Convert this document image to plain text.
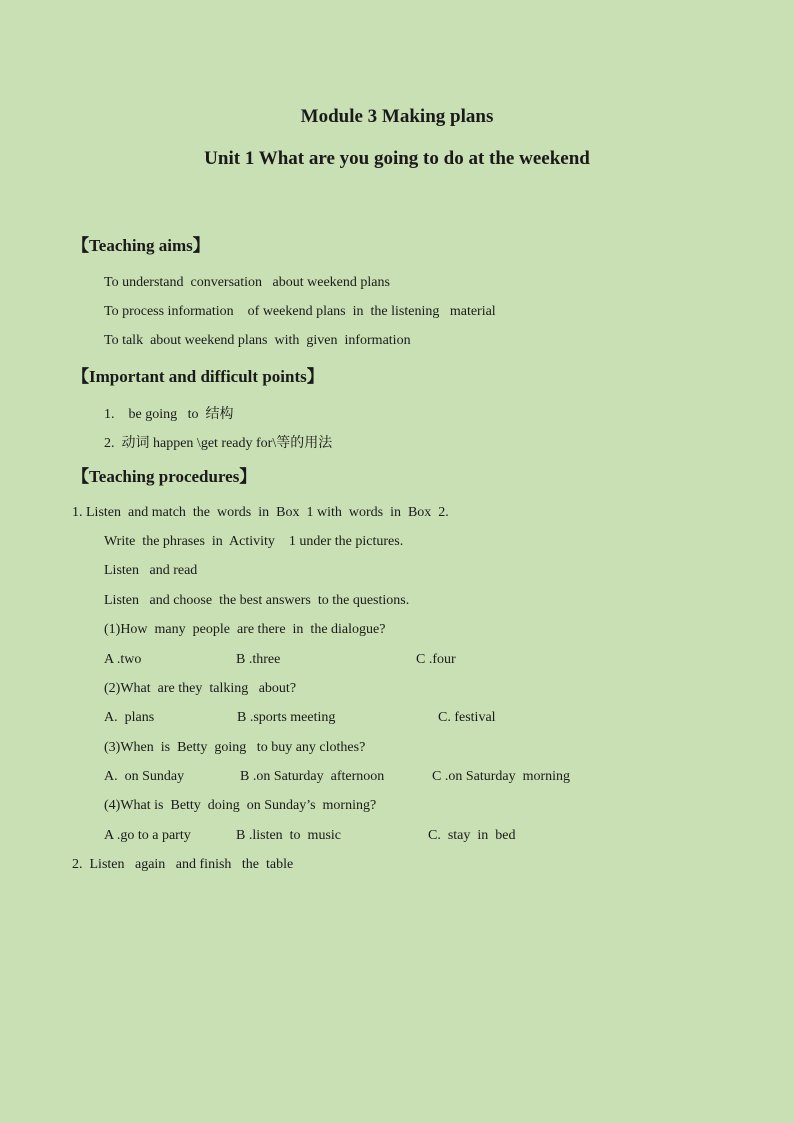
Module 3 Making plans
Unit 1 What are you going to do at the weekend
【Teaching aims】
To understand  conversation   about weekend plans
To process information    of weekend plans  in  the listening   material
To talk  about weekend plans  with  given  information
【Important and difficult points】
1.    be going   to  结构
2.  动词 happen \get ready for\等的用法
【Teaching procedures】
1. Listen  and match  the  words  in  Box  1 with  words  in  Box  2.
Write  the phrases  in  Activity    1 under the pictures.
Listen   and read
Listen   and choose  the best answers  to the questions.
(1)How  many  people  are there  in  the dialogue?
A .two	B .three	C .four
(2)What  are they  talking   about?
A.  plans	B .sports meeting	C. festival
(3)When  is  Betty  going   to buy any clothes?
A.  on Sunday	B .on Saturday  afternoon	C .on Saturday  morning
(4)What is  Betty  doing  on Sunday’s  morning?
A .go to a party	B .listen  to  music	C.  stay  in  bed
2.  Listen   again   and finish   the  table
